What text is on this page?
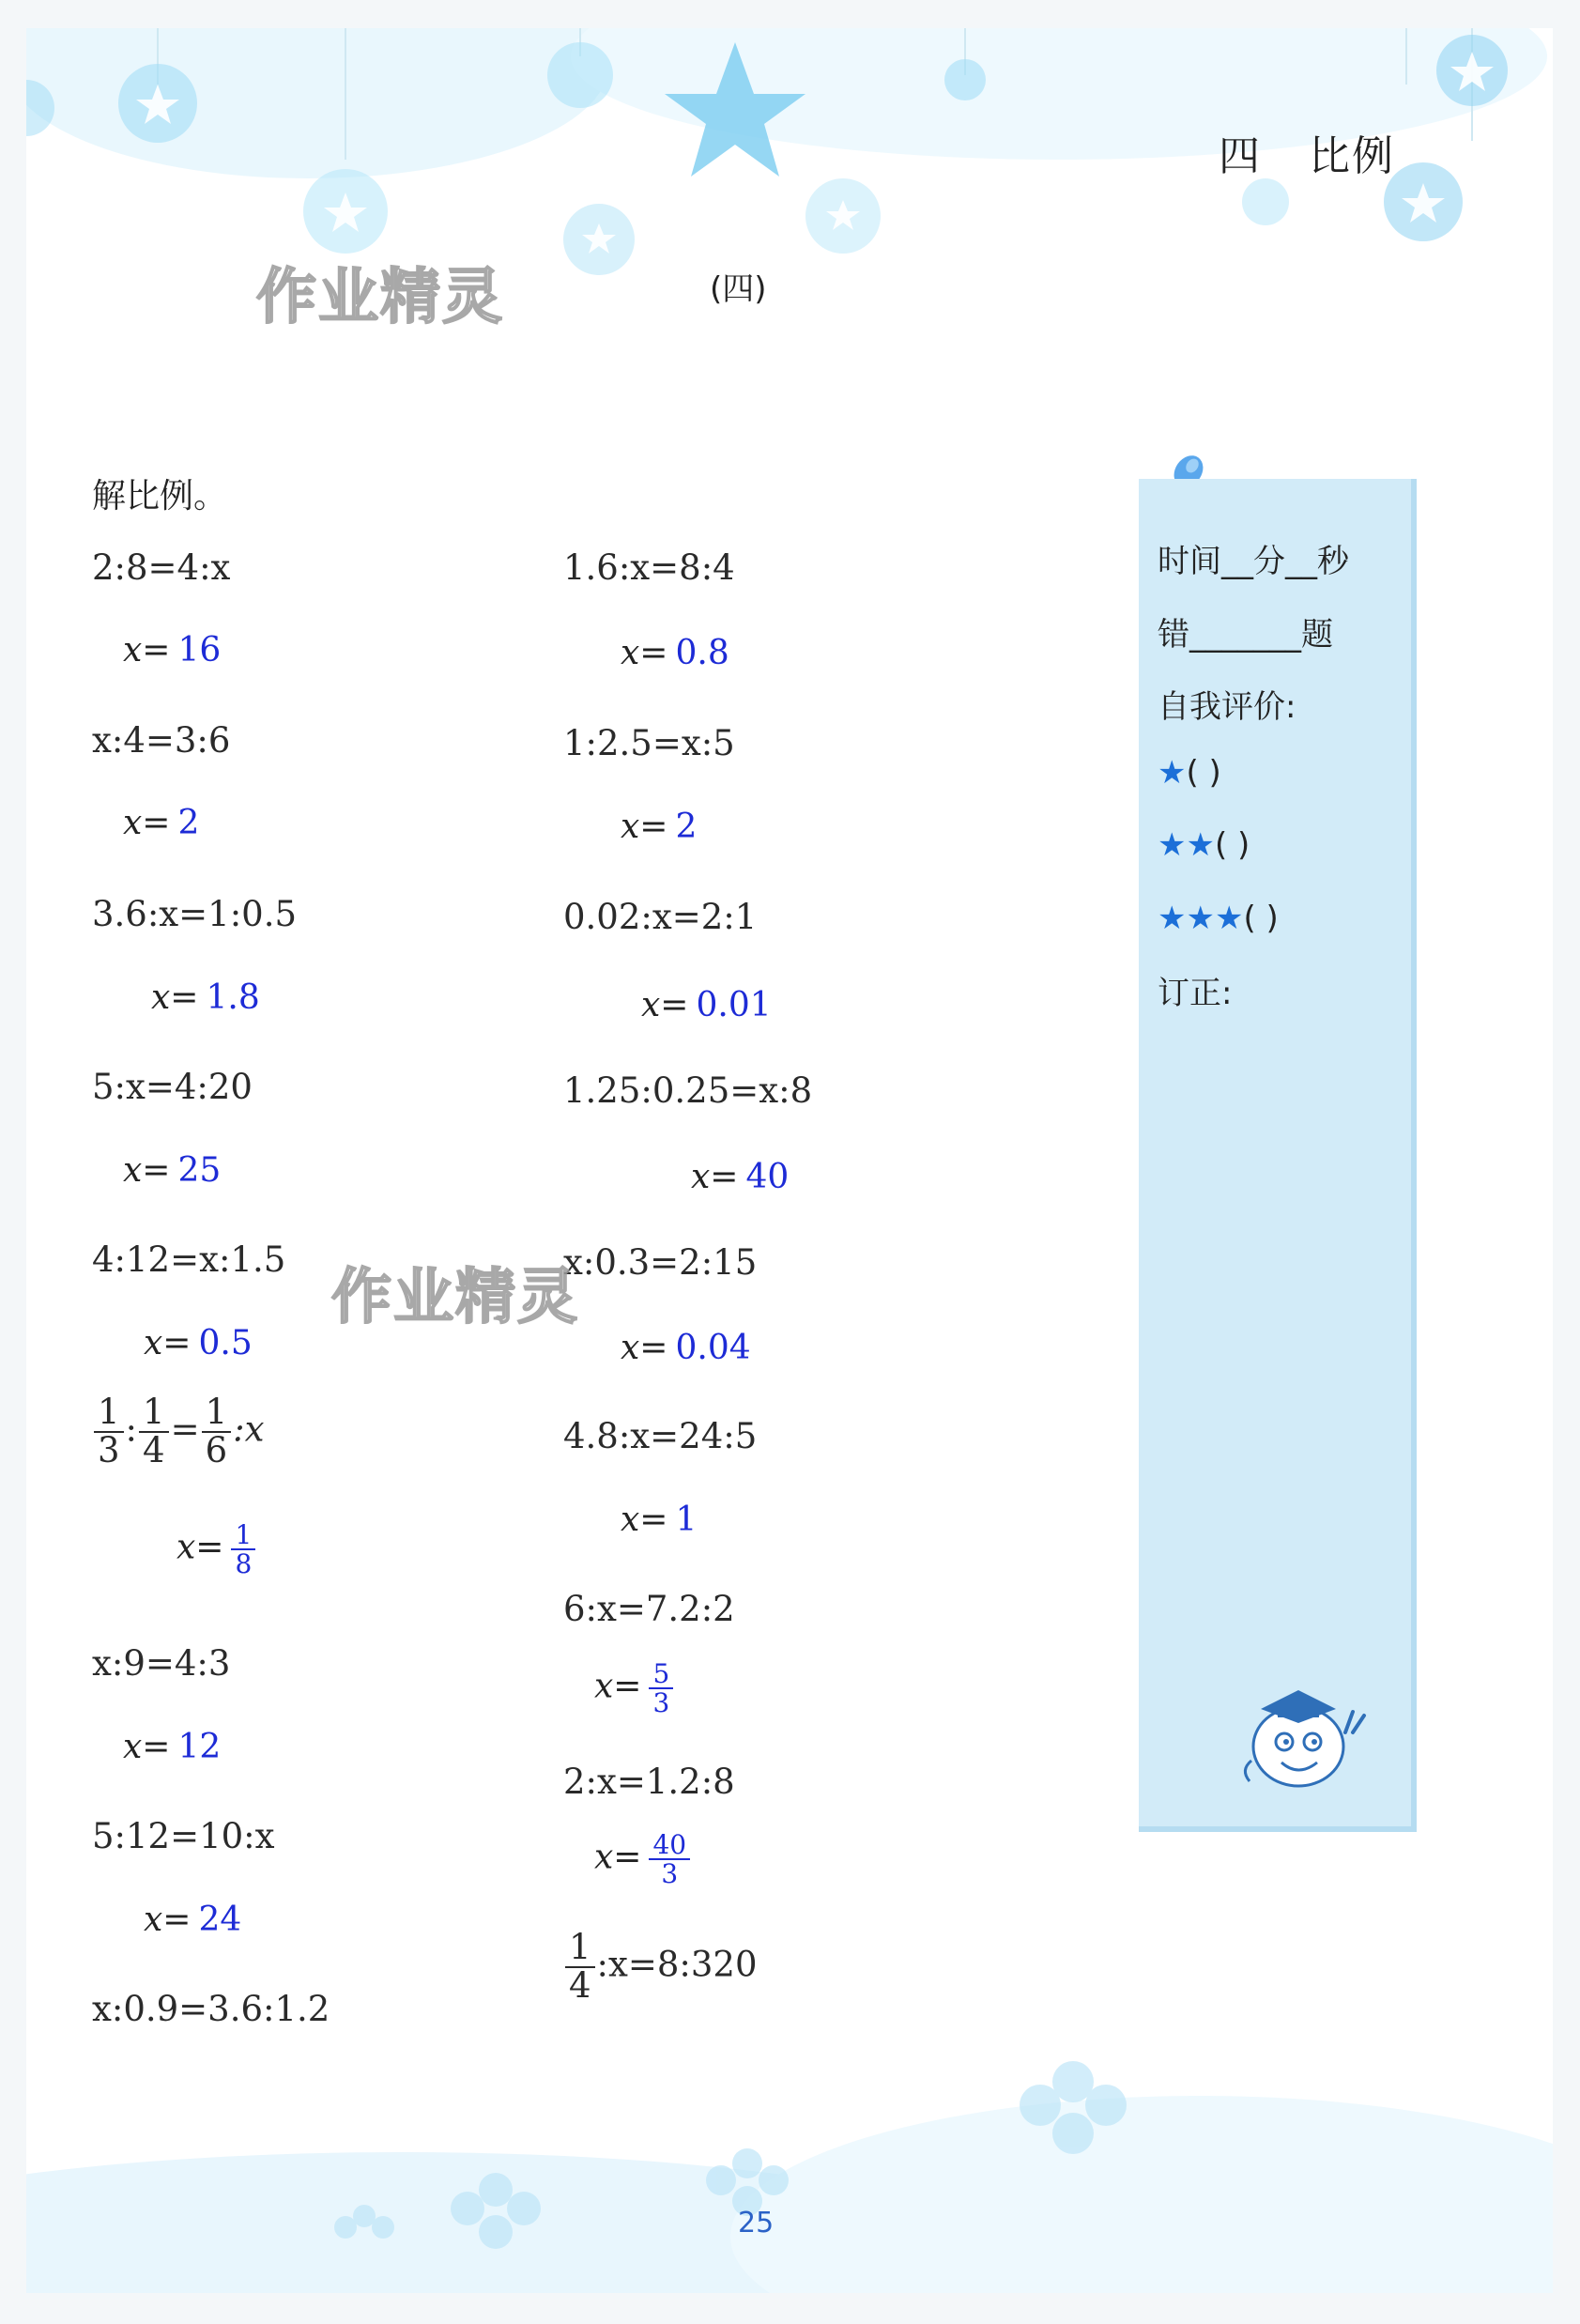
四 比例
(四)
作业精灵
解比例。
2:8=4:x
x= 16
x:4=3:6
x= 2
3.6:x=1:0.5
x= 1.8
5:x=4:20
x= 25
4:12=x:1.5
x= 0.5
$\frac{1}{3}$ : $\frac{1}{4} = \frac{1}{6}$ :x
$x= \frac{1}{8}$
x:9=4:3
x= 12
5:12=10:x
x= 24
x:0.9=3.6:1.2
1.6:x=8:4
x= 0.8
1:2.5=x:5
x= 2
0.02:x=2:1
x= 0.01
1.25:0.25=x:8
x= 40
x:0.3=2:15
x= 0.04
4.8:x=24:5
x= 1
6:x=7.2:2
$x= \frac{5}{3}$
2:x=1.2:8
$x= \frac{40}{3}$
$\frac{1}{4}$ :x=8:320
作业精灵
时间__分__秒
错_______题
自我评价:
★( )
★★( )
★★★( )
订正:
25
